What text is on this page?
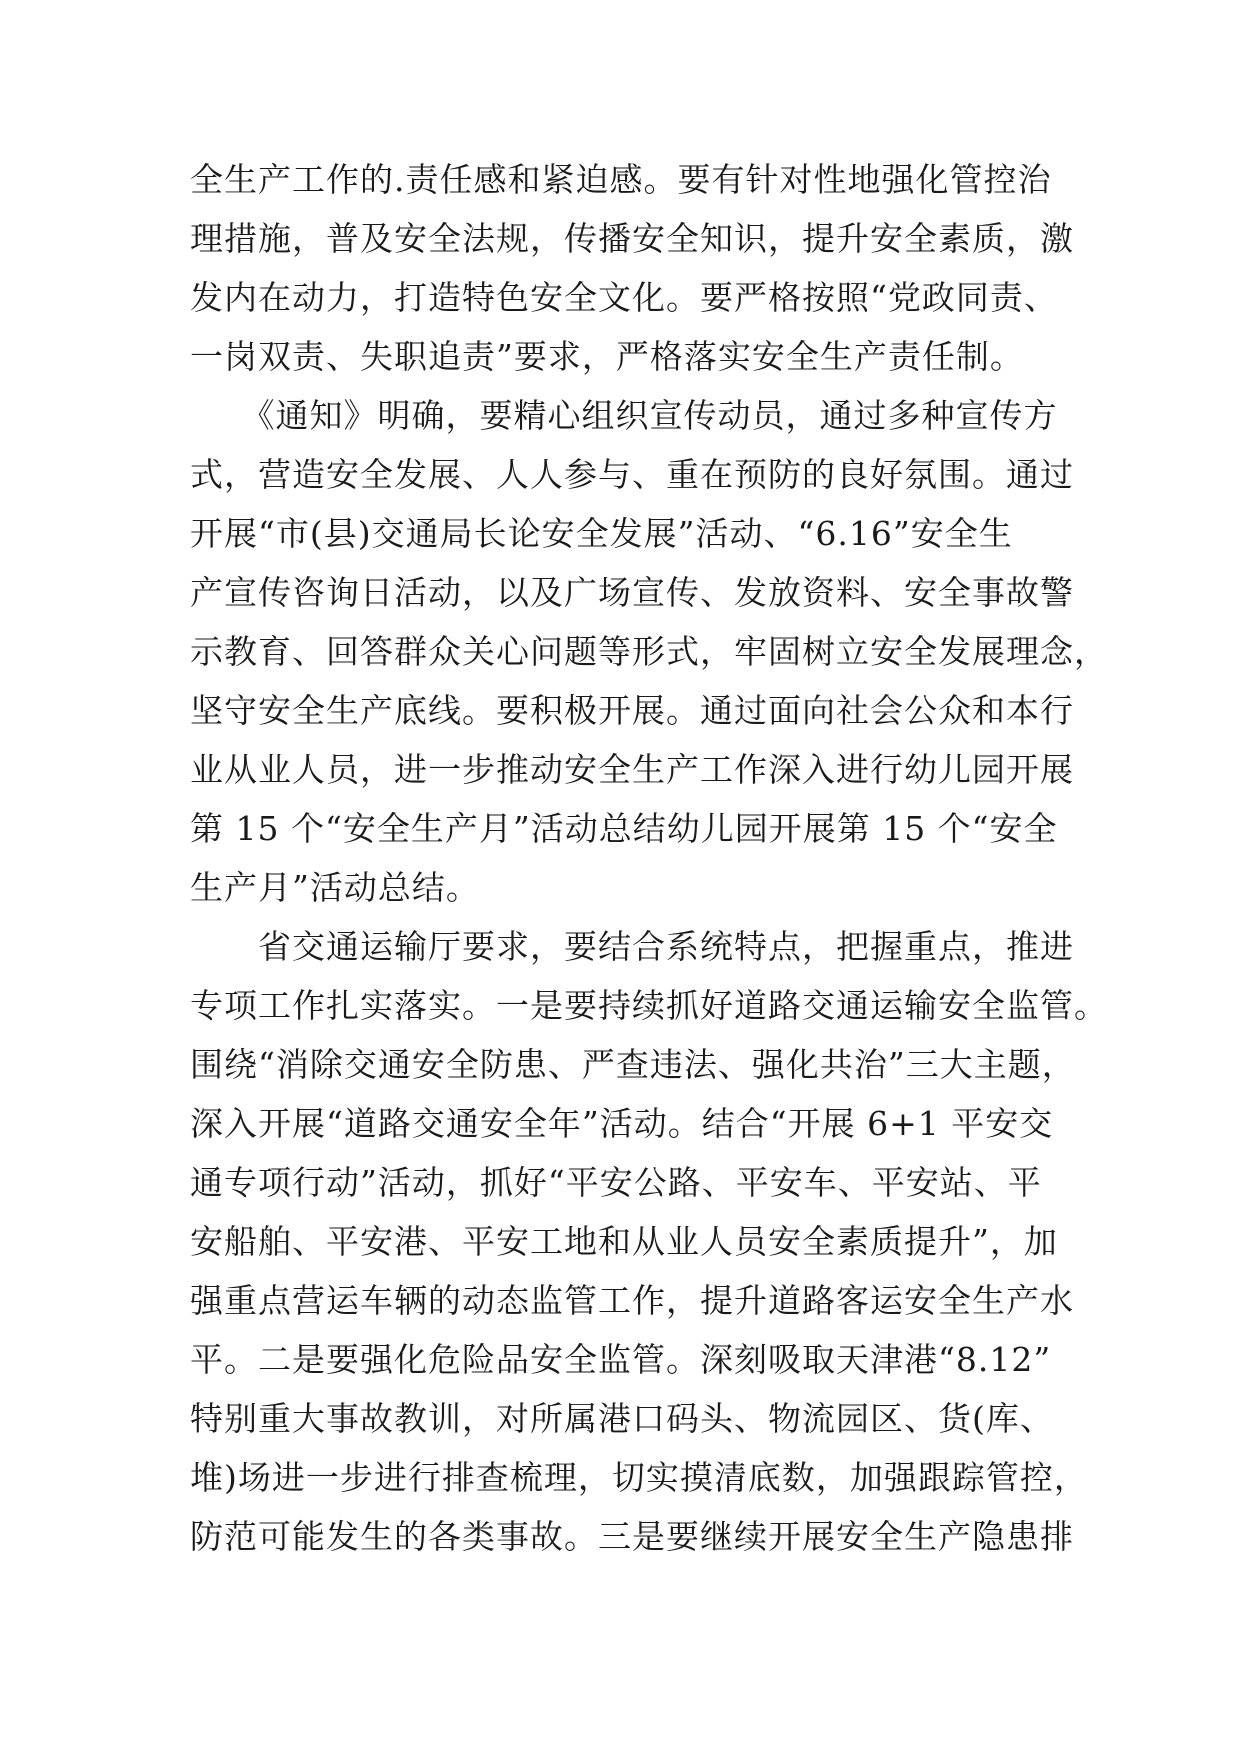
全生产工作的.责任感和紧迫感。要有针对性地强化管控治
理措施，普及安全法规，传播安全知识，提升安全素质，激
发内在动力，打造特色安全文化。要严格按照“党政同责、
一岗双责、失职追责”要求，严格落实安全生产责任制。
　　《通知》明确，要精心组织宣传动员，通过多种宣传方
式，营造安全发展、人人参与、重在预防的良好氛围。通过
开展“市(县)交通局长论安全发展”活动、“6.16”安全生
产宣传咨询日活动，以及广场宣传、发放资料、安全事故警
示教育、回答群众关心问题等形式，牢固树立安全发展理念，
坚守安全生产底线。要积极开展。通过面向社会公众和本行
业从业人员，进一步推动安全生产工作深入进行幼儿园开展
第 15 个“安全生产月”活动总结幼儿园开展第 15 个“安全
生产月”活动总结。
　　省交通运输厅要求，要结合系统特点，把握重点，推进
专项工作扎实落实。一是要持续抓好道路交通运输安全监管。
围绕“消除交通安全防患、严查违法、强化共治”三大主题，
深入开展“道路交通安全年”活动。结合“开展 6+1 平安交
通专项行动”活动，抓好“平安公路、平安车、平安站、平
安船舶、平安港、平安工地和从业人员安全素质提升”，加
强重点营运车辆的动态监管工作，提升道路客运安全生产水
平。二是要强化危险品安全监管。深刻吸取天津港“8.12”
特别重大事故教训，对所属港口码头、物流园区、货(库、
堆)场进一步进行排查梳理，切实摸清底数，加强跟踪管控，
防范可能发生的各类事故。三是要继续开展安全生产隐患排
